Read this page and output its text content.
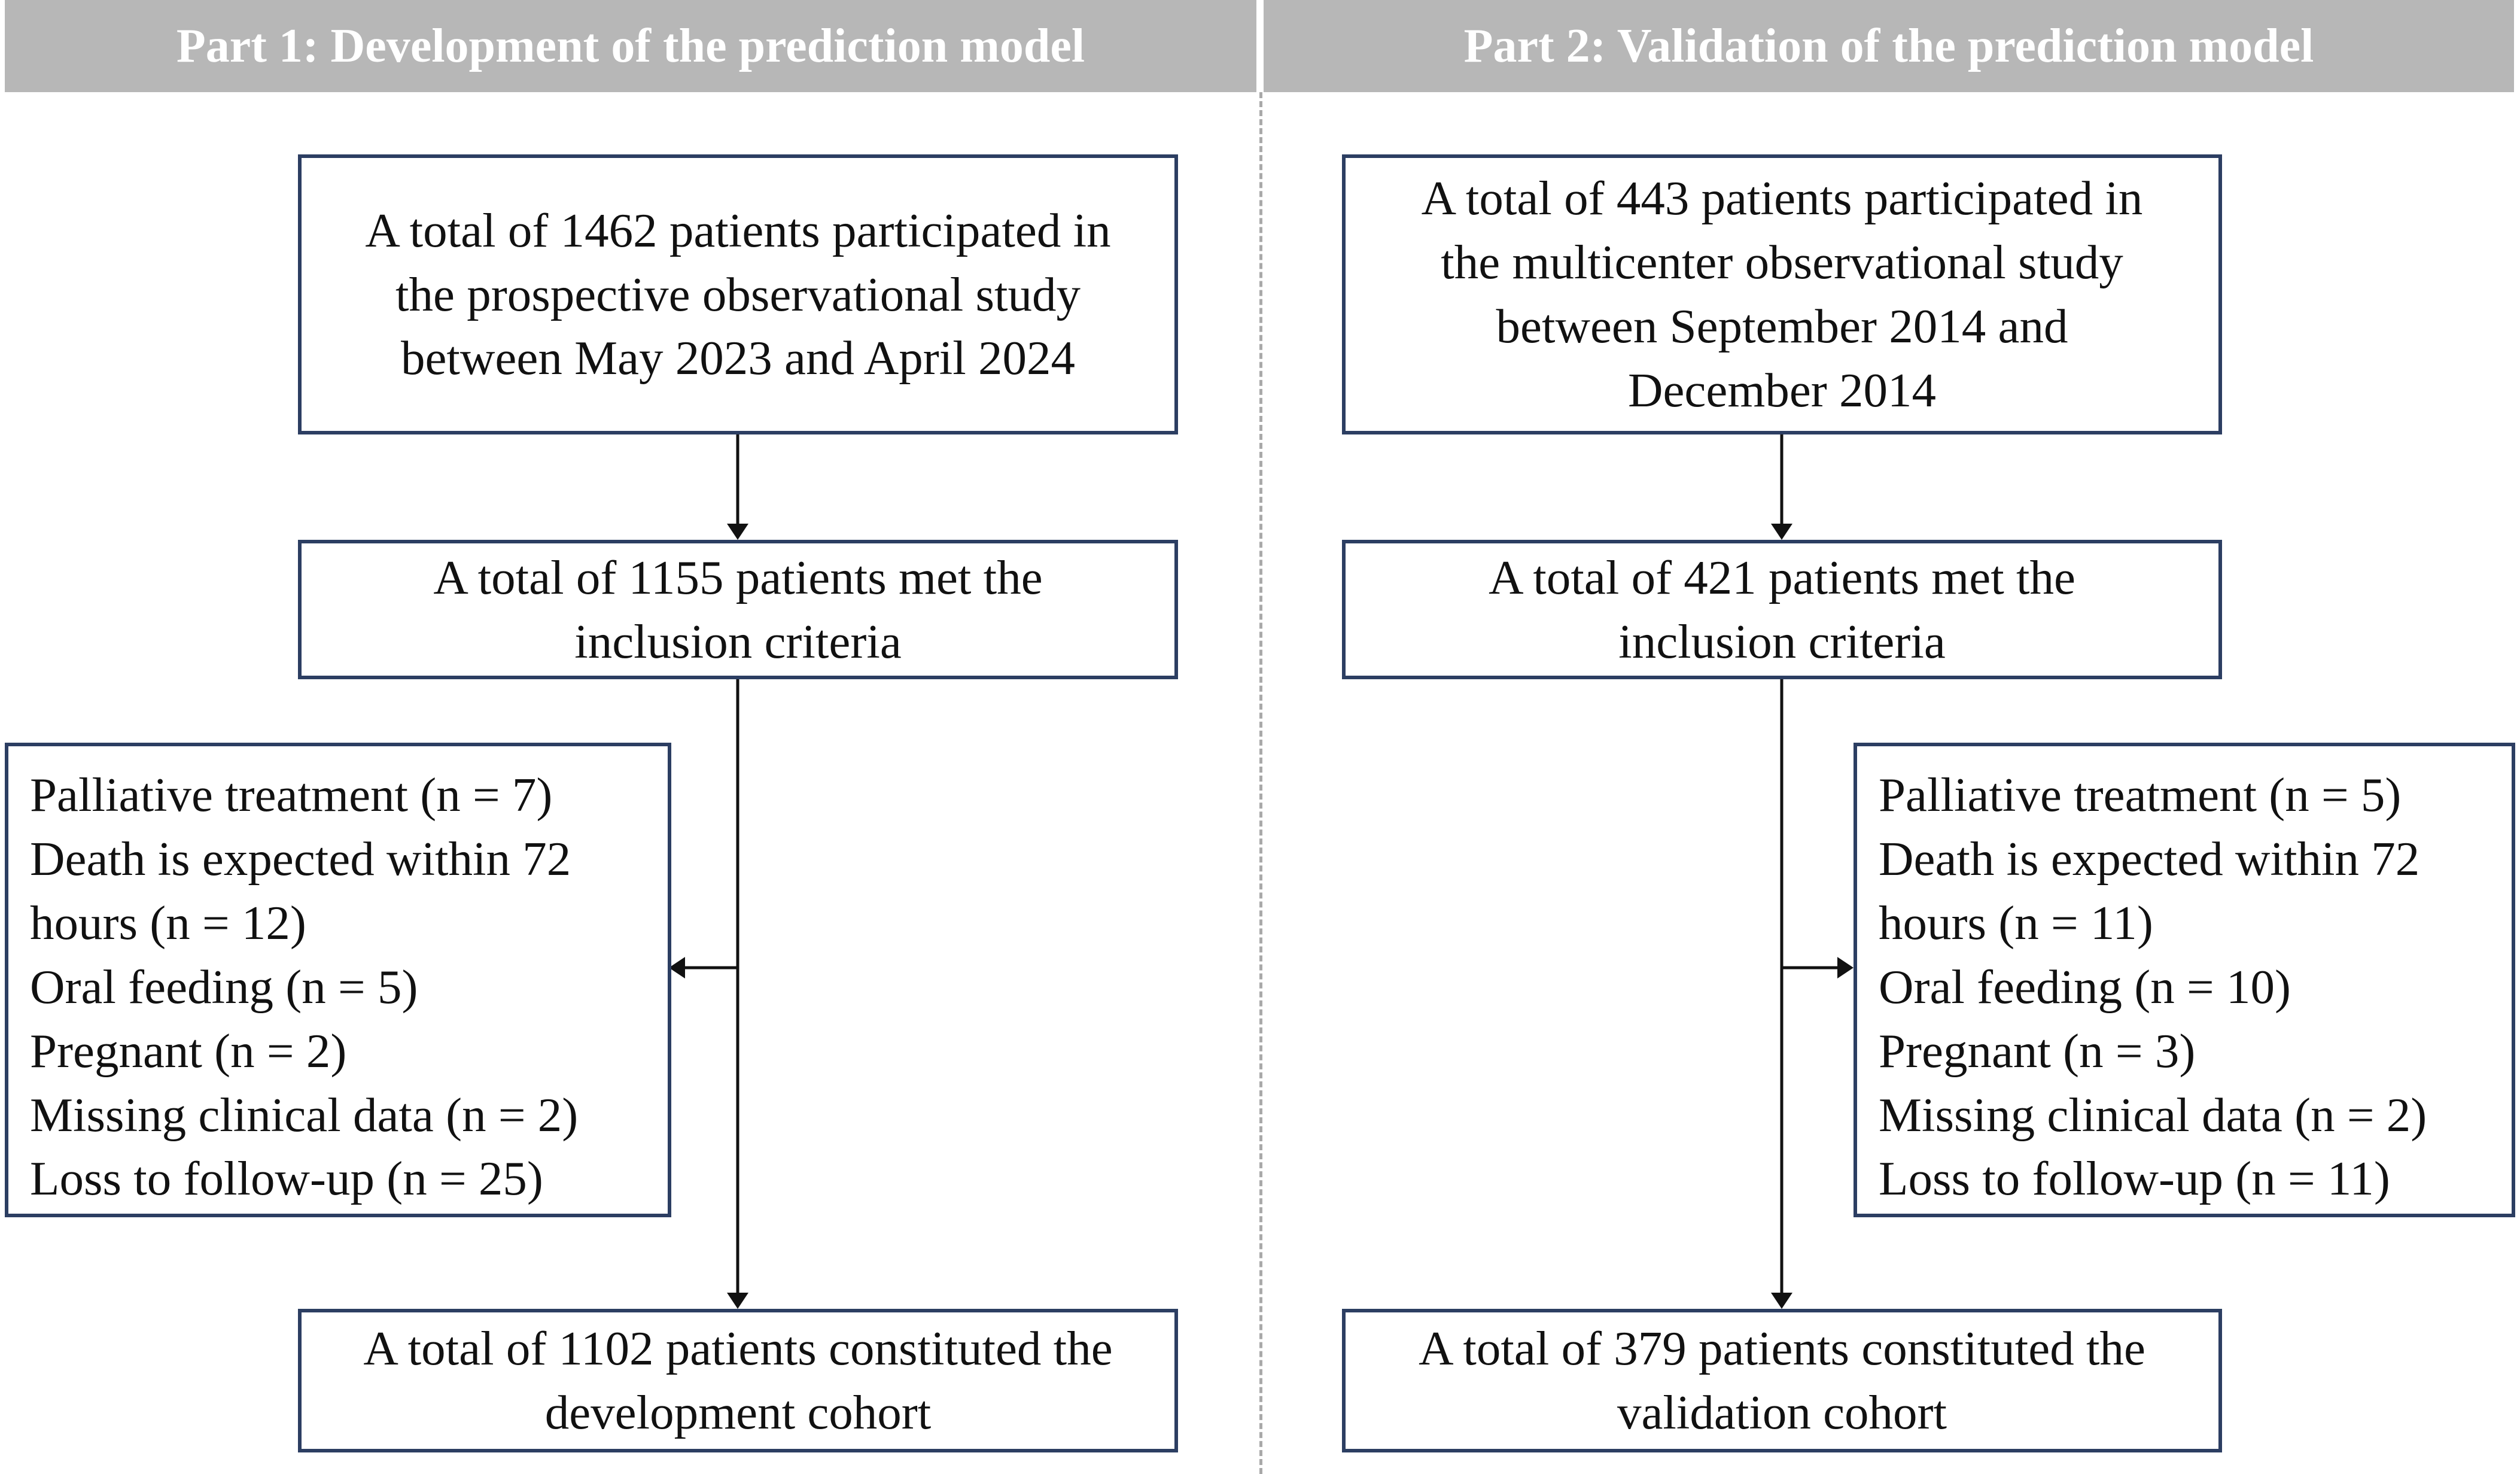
Part 1: Development of the prediction model	Part 2: Validation of the prediction model
A total of 1462 patients participated in
the prospective observational study
between May 2023 and April 2024
A total of 1155 patients met the
inclusion criteria
Palliative treatment (n = 7)
Death is expected within 72
hours (n = 12)
Oral feeding (n = 5)
Pregnant (n = 2)
Missing clinical data (n = 2)
Loss to follow-up (n = 25)
A total of 1102 patients constituted the
development cohort
A total of 443 patients participated in
the multicenter observational study
between September 2014 and
December 2014
A total of 421 patients met the
inclusion criteria
Palliative treatment (n = 5)
Death is expected within 72
hours (n = 11)
Oral feeding (n = 10)
Pregnant (n = 3)
Missing clinical data (n = 2)
Loss to follow-up (n = 11)
A total of 379 patients constituted the
validation cohort
